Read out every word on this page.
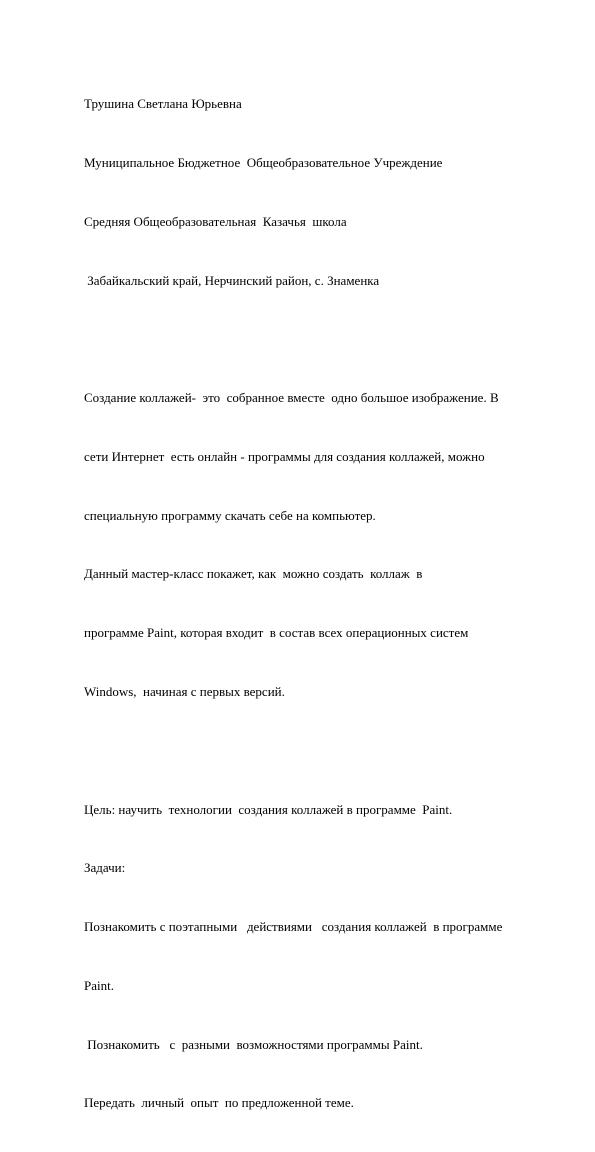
Трушина Светлана Юрьевна

Муниципальное Бюджетное  Общеобразовательное Учреждение

Средняя Общеобразовательная  Казачья  школа

Забайкальский край, Нерчинский район, с. Знаменка

Создание коллажей-  это  собранное вместе  одно большое изображение. В

сети Интернет  есть онлайн - программы для создания коллажей, можно

специальную программу скачать себе на компьютер.

Данный мастер-класс покажет, как  можно создать  коллаж  в

программе Paint, которая входит  в состав всех операционных систем

Windows,  начиная с первых версий.

Цель: научить  технологии  создания коллажей в программе  Paint.

Задачи:

Познакомить с поэтапными   действиями   создания коллажей  в программе

Paint.

Познакомить   с  разными  возможностями программы Paint.

Передать  личный  опыт  по предложенной теме.
